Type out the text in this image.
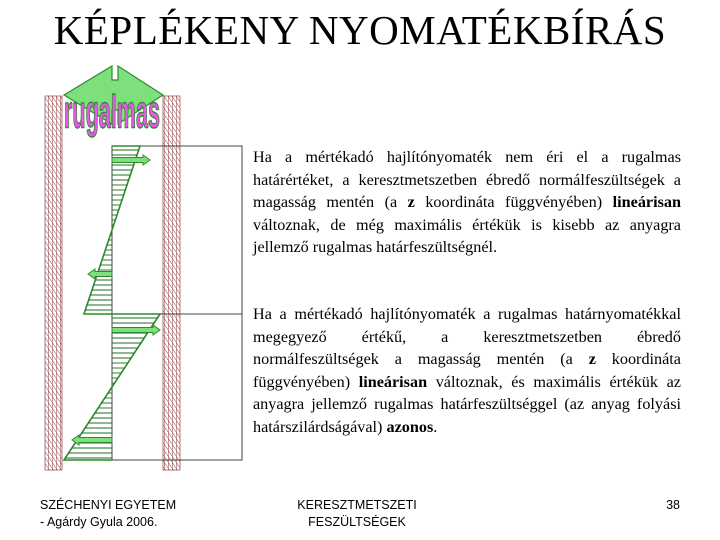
KÉPLÉKENY NYOMATÉKBÍRÁS
rugalmas
Ha a mértékadó hajlítónyomaték nem éri el a rugalmas határértéket, a keresztmetszetben ébredő normálfeszültségek a magasság mentén (a z koordináta függvényében) lineárisan változnak, de még maximális értékük is kisebb az anyagra jellemző rugalmas határfeszültségnél.
Ha a mértékadó hajlítónyomaték a rugalmas határnyomatékkal megegyező értékű, a keresztmetszetben ébredő normálfeszültségek a magasság mentén (a z koordináta függvényében) lineárisan változnak, és maximális értékük az anyagra jellemző rugalmas határfeszültséggel (az anyag folyási határszilárdságával) azonos.
SZÉCHENYI EGYETEM
- Agárdy Gyula 2006.
KERESZTMETSZETI
FESZÜLTSÉGEK
38
